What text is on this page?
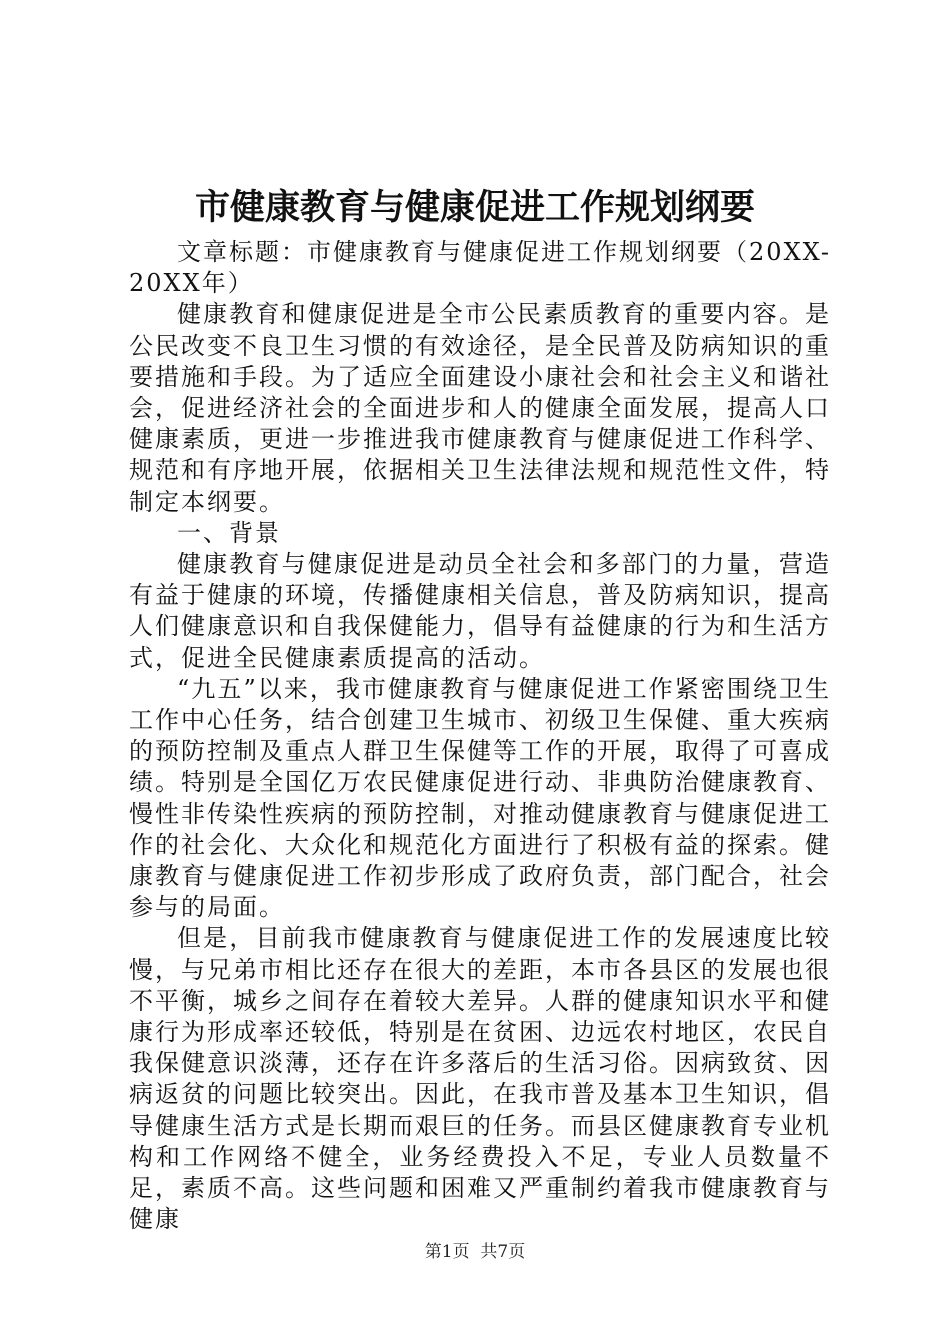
市健康教育与健康促进工作规划纲要

文章标题：市健康教育与健康促进工作规划纲要（20XX-20XX年）

健康教育和健康促进是全市公民素质教育的重要内容。是公民改变不良卫生习惯的有效途径，是全民普及防病知识的重要措施和手段。为了适应全面建设小康社会和社会主义和谐社会，促进经济社会的全面进步和人的健康全面发展，提高人口健康素质，更进一步推进我市健康教育与健康促进工作科学、规范和有序地开展，依据相关卫生法律法规和规范性文件，特制定本纲要。

一、背景

健康教育与健康促进是动员全社会和多部门的力量，营造有益于健康的环境，传播健康相关信息，普及防病知识，提高人们健康意识和自我保健能力，倡导有益健康的行为和生活方式，促进全民健康素质提高的活动。

“九五”以来，我市健康教育与健康促进工作紧密围绕卫生工作中心任务，结合创建卫生城市、初级卫生保健、重大疾病的预防控制及重点人群卫生保健等工作的开展，取得了可喜成绩。特别是全国亿万农民健康促进行动、非典防治健康教育、慢性非传染性疾病的预防控制，对推动健康教育与健康促进工作的社会化、大众化和规范化方面进行了积极有益的探索。健康教育与健康促进工作初步形成了政府负责，部门配合，社会参与的局面。

但是，目前我市健康教育与健康促进工作的发展速度比较慢，与兄弟市相比还存在很大的差距，本市各县区的发展也很不平衡，城乡之间存在着较大差异。人群的健康知识水平和健康行为形成率还较低，特别是在贫困、边远农村地区，农民自我保健意识淡薄，还存在许多落后的生活习俗。因病致贫、因病返贫的问题比较突出。因此，在我市普及基本卫生知识，倡导健康生活方式是长期而艰巨的任务。而县区健康教育专业机构和工作网络不健全，业务经费投入不足，专业人员数量不足，素质不高。这些问题和困难又严重制约着我市健康教育与健康

第1页  共7页
